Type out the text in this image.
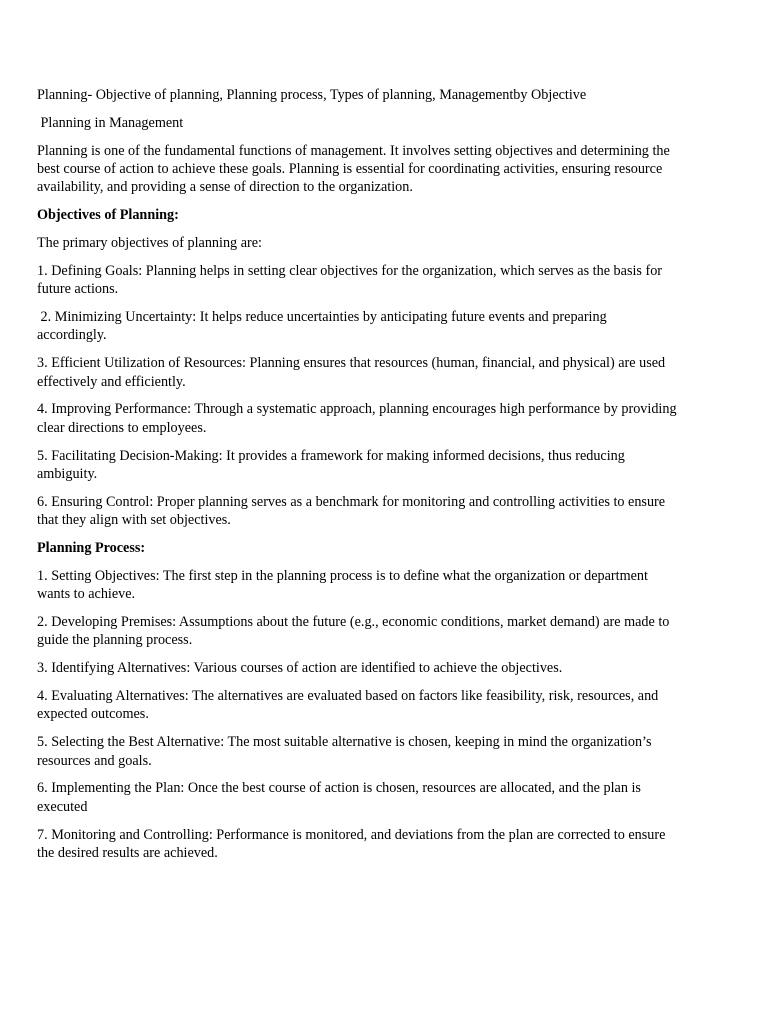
Planning- Objective of planning, Planning process, Types of planning, Managementby Objective

Planning in Management

Planning is one of the fundamental functions of management. It involves setting objectives and determining the best course of action to achieve these goals. Planning is essential for coordinating activities, ensuring resource availability, and providing a sense of direction to the organization.

Objectives of Planning:

The primary objectives of planning are:

1. Defining Goals: Planning helps in setting clear objectives for the organization, which serves as the basis for future actions.

2. Minimizing Uncertainty: It helps reduce uncertainties by anticipating future events and preparing accordingly.

3. Efficient Utilization of Resources: Planning ensures that resources (human, financial, and physical) are used effectively and efficiently.

4. Improving Performance: Through a systematic approach, planning encourages high performance by providing clear directions to employees.

5. Facilitating Decision-Making: It provides a framework for making informed decisions, thus reducing ambiguity.

6. Ensuring Control: Proper planning serves as a benchmark for monitoring and controlling activities to ensure that they align with set objectives.

Planning Process:

1. Setting Objectives: The first step in the planning process is to define what the organization or department wants to achieve.

2. Developing Premises: Assumptions about the future (e.g., economic conditions, market demand) are made to guide the planning process.

3. Identifying Alternatives: Various courses of action are identified to achieve the objectives.

4. Evaluating Alternatives: The alternatives are evaluated based on factors like feasibility, risk, resources, and expected outcomes.

5. Selecting the Best Alternative: The most suitable alternative is chosen, keeping in mind the organization’s resources and goals.

6. Implementing the Plan: Once the best course of action is chosen, resources are allocated, and the plan is executed

7. Monitoring and Controlling: Performance is monitored, and deviations from the plan are corrected to ensure the desired results are achieved.
